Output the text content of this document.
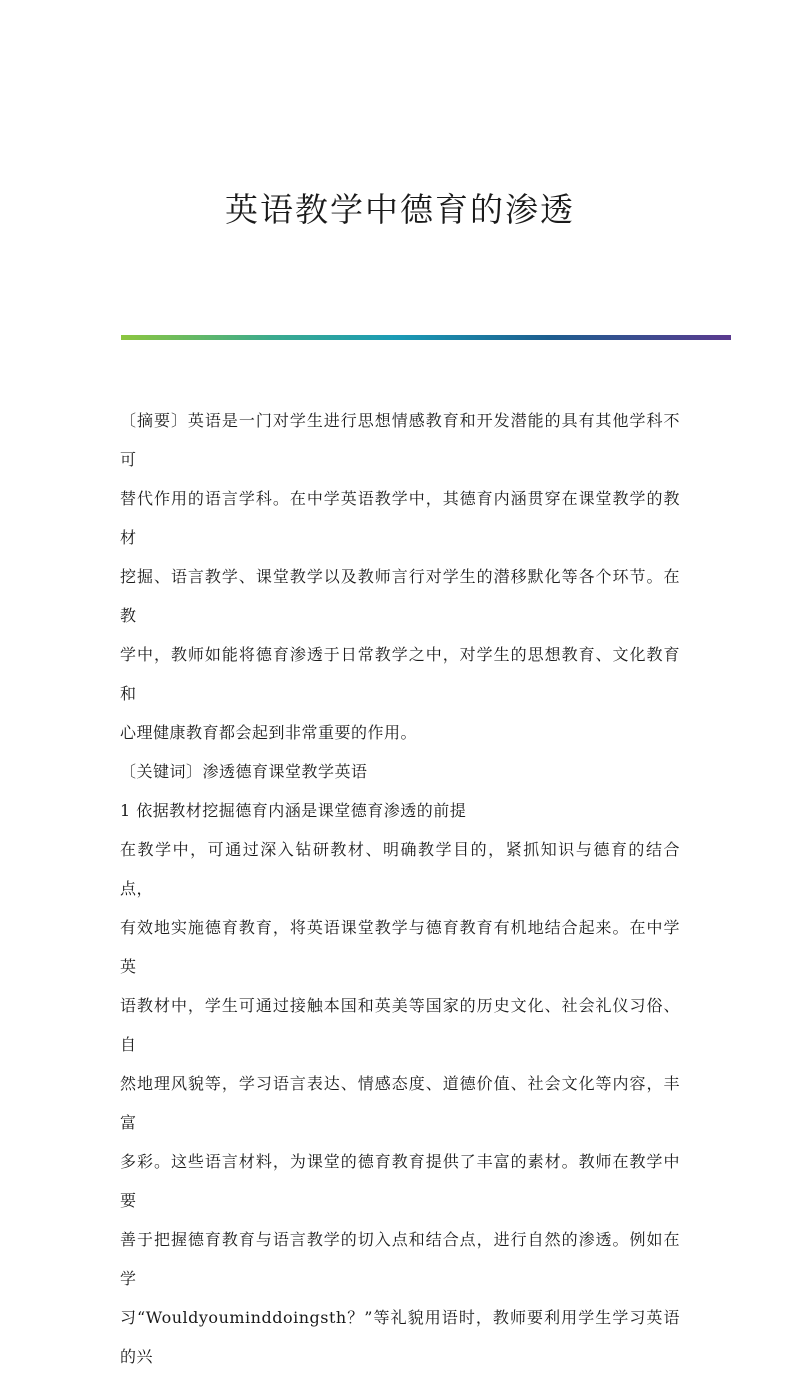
英语教学中德育的渗透
〔摘要〕英语是一门对学生进行思想情感教育和开发潜能的具有其他学科不可
替代作用的语言学科。在中学英语教学中，其德育内涵贯穿在课堂教学的教材
挖掘、语言教学、课堂教学以及教师言行对学生的潜移默化等各个环节。在教
学中，教师如能将德育渗透于日常教学之中，对学生的思想教育、文化教育和
心理健康教育都会起到非常重要的作用。
〔关键词〕渗透德育课堂教学英语
1 依据教材挖掘德育内涵是课堂德育渗透的前提
在教学中，可通过深入钻研教材、明确教学目的，紧抓知识与德育的结合点，
有效地实施德育教育，将英语课堂教学与德育教育有机地结合起来。在中学英
语教材中，学生可通过接触本国和英美等国家的历史文化、社会礼仪习俗、自
然地理风貌等，学习语言表达、情感态度、道德价值、社会文化等内容，丰富
多彩。这些语言材料，为课堂的德育教育提供了丰富的素材。教师在教学中要
善于把握德育教育与语言教学的切入点和结合点，进行自然的渗透。例如在学
习“Wouldyouminddoingsth？”等礼貌用语时，教师要利用学生学习英语的兴
